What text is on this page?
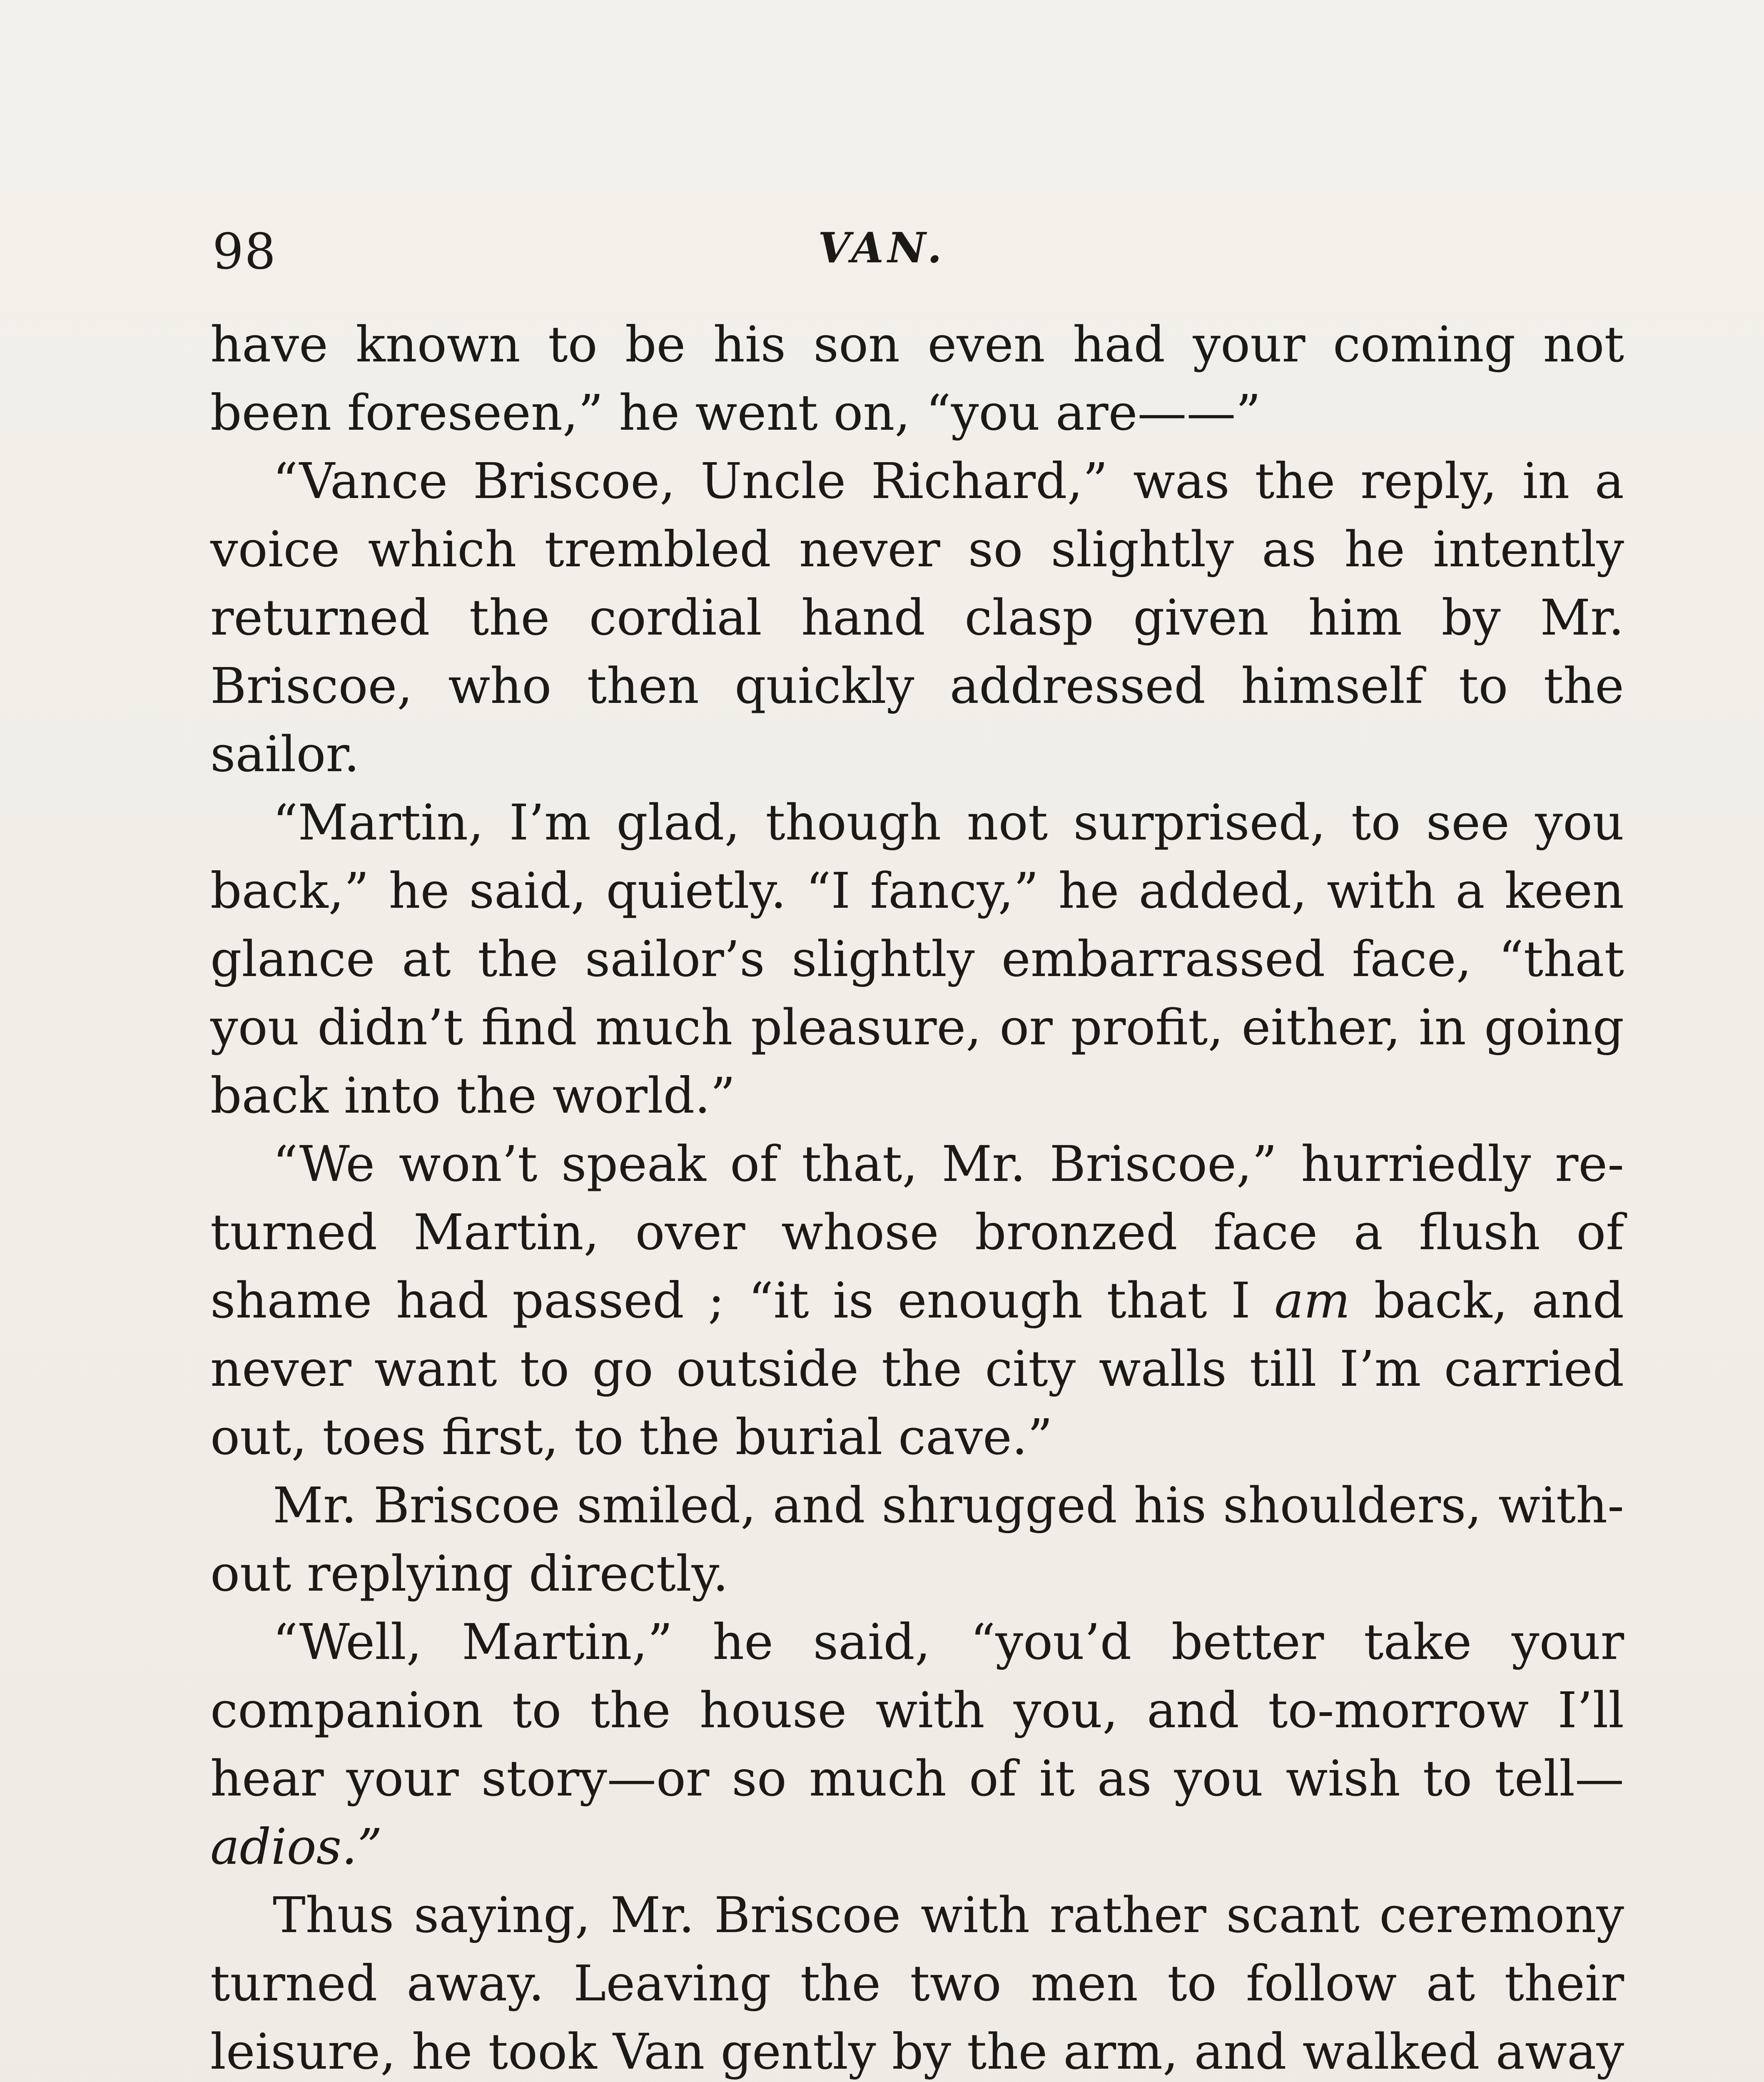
98	VAN.

have known to be his son even had your coming not been foreseen,” he went on, “you are——”

“Vance Briscoe, Uncle Richard,” was the reply, in a voice which trembled never so slightly as he intently returned the cordial hand clasp given him by Mr. Briscoe, who then quickly addressed himself to the sailor.

“Martin, I’m glad, though not surprised, to see you back,” he said, quietly. “I fancy,” he added, with a keen glance at the sailor’s slightly embarrassed face, “that you didn’t find much pleasure, or profit, either, in going back into the world.”

“We won’t speak of that, Mr. Briscoe,” hurriedly re-turned Martin, over whose bronzed face a flush of shame had passed ; “it is enough that I am back, and never want to go outside the city walls till I’m carried out, toes first, to the burial cave.”

Mr. Briscoe smiled, and shrugged his shoulders, with-out replying directly.

“Well, Martin,” he said, “you’d better take your companion to the house with you, and to-morrow I’ll hear your story—or so much of it as you wish to tell—adios.”

Thus saying, Mr. Briscoe with rather scant ceremony turned away. Leaving the two men to follow at their leisure, he took Van gently by the arm, and walked away
